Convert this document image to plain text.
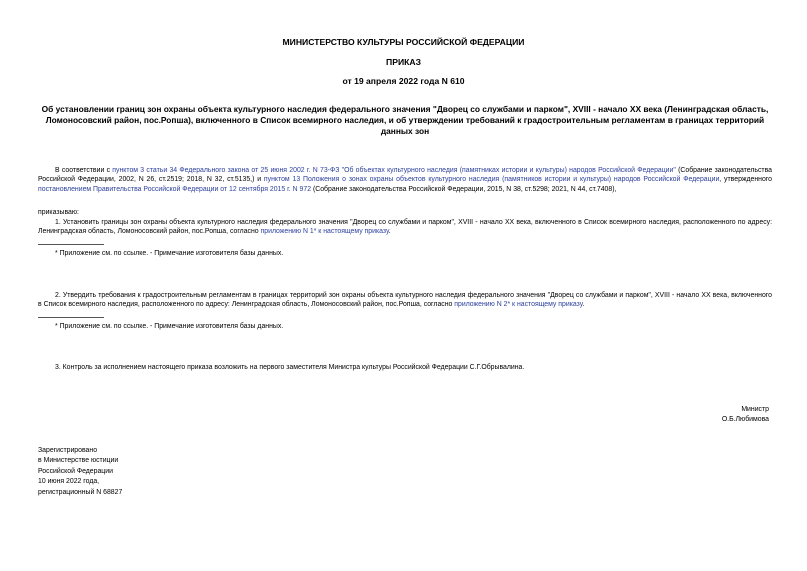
МИНИСТЕРСТВО КУЛЬТУРЫ РОССИЙСКОЙ ФЕДЕРАЦИИ
ПРИКАЗ
от 19 апреля 2022 года N 610
Об установлении границ зон охраны объекта культурного наследия федерального значения "Дворец со службами и парком", XVIII - начало XX века (Ленинградская область, Ломоносовский район, пос.Ропша), включенного в Список всемирного наследия, и об утверждении требований к градостроительным регламентам в границах территорий данных зон
В соответствии с пунктом 3 статьи 34 Федерального закона от 25 июня 2002 г. N 73-ФЗ "Об объектах культурного наследия (памятниках истории и культуры) народов Российской Федерации" (Собрание законодательства Российской Федерации, 2002, N 26, ст.2519; 2018, N 32, ст.5135,) и пунктом 13 Положения о зонах охраны объектов культурного наследия (памятников истории и культуры) народов Российской Федерации, утвержденного постановлением Правительства Российской Федерации от 12 сентября 2015 г. N 972 (Собрание законодательства Российской Федерации, 2015, N 38, ст.5298; 2021, N 44, ст.7408),
приказываю:
1. Установить границы зон охраны объекта культурного наследия федерального значения "Дворец со службами и парком", XVIII - начало XX века, включенного в Список всемирного наследия, расположенного по адресу: Ленинградская область, Ломоносовский район, пос.Ропша, согласно приложению N 1* к настоящему приказу.
* Приложение см. по ссылке. - Примечание изготовителя базы данных.
2. Утвердить требования к градостроительным регламентам в границах территорий зон охраны объекта культурного наследия федерального значения "Дворец со службами и парком", XVIII - начало XX века, включенного в Список всемирного наследия, расположенного по адресу: Ленинградская область, Ломоносовский район, пос.Ропша, согласно приложению N 2* к настоящему приказу.
* Приложение см. по ссылке. - Примечание изготовителя базы данных.
3. Контроль за исполнением настоящего приказа возложить на первого заместителя Министра культуры Российской Федерации С.Г.Обрывалина.
Министр
О.Б.Любимова
Зарегистрировано
в Министерстве юстиции
Российской Федерации
10 июня 2022 года,
регистрационный N 68827
